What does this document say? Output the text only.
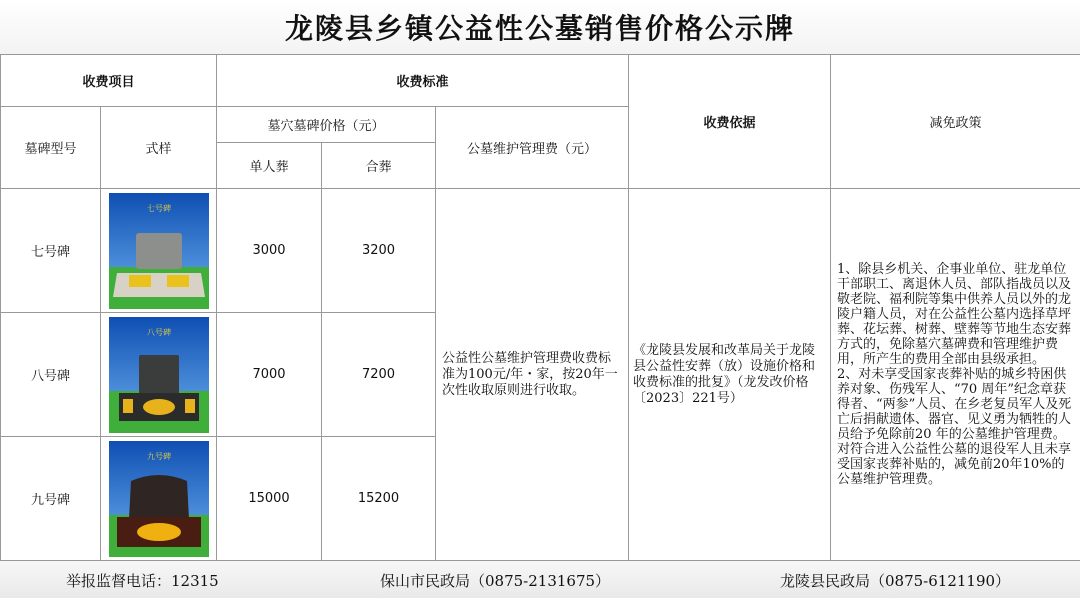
龙陵县乡镇公益性公墓销售价格公示牌
收费项目		收费标准			收费依据	减免政策
墓碑型号	式样	墓穴墓碑价格（元）		公墓维护管理费（元）		
		单人葬	合葬			
七号碑	七号碑	3000	3200	公益性公墓维护管理费收费标准为100元/年・家，按20年一次性收取原则进行收取。	《龙陵县发展和改革局关于龙陵县公益性安葬（放）设施价格和收费标准的批复》（龙发改价格〔2023〕221号）	1、除县乡机关、企事业单位、驻龙单位干部职工、离退休人员、部队指战员以及敬老院、福利院等集中供养人员以外的龙陵户籍人员，对在公益性公墓内选择草坪葬、花坛葬、树葬、壁葬等节地生态安葬方式的，免除墓穴墓碑费和管理维护费用，所产生的费用全部由县级承担。
2、对未享受国家丧葬补贴的城乡特困供养对象、伤残军人、“70 周年”纪念章获得者、“两参”人员、在乡老复员军人及死亡后捐献遗体、器官、见义勇为牺牲的人员给予免除前20 年的公墓维护管理费。对符合进入公益性公墓的退役军人且未享受国家丧葬补贴的，减免前20年10%的公墓维护管理费。

八号碑	八号碑	7000	7200			
九号碑	九号碑	15000	15200			
举报监督电话：12315	保山市民政局（0875-2131675）	龙陵县民政局（0875-6121190）
